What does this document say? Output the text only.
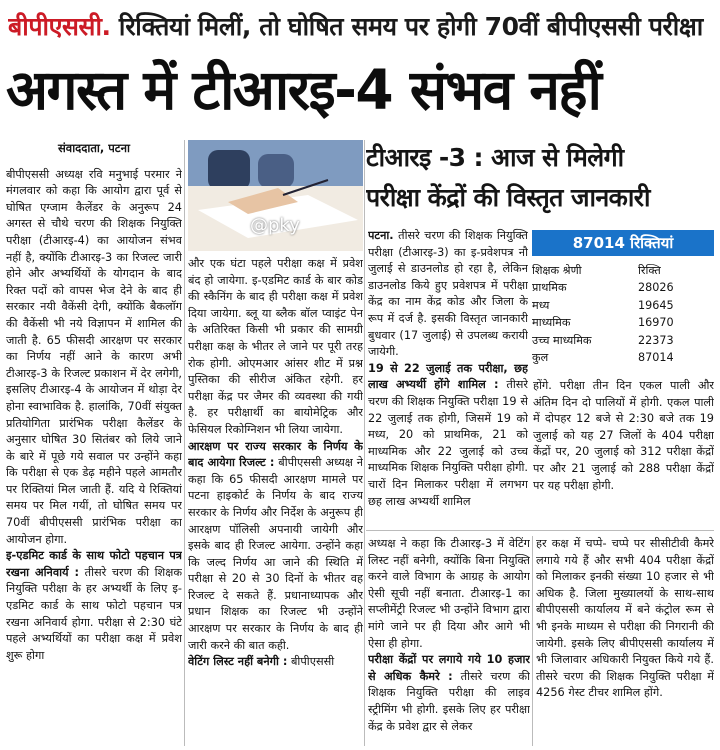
बीपीएससी. रिक्तियां मिलीं, तो घोषित समय पर होगी 70वीं बीपीएससी परीक्षा
अगस्त में टीआरइ-4 संभव नहीं
संवाददाता, पटना

बीपीएससी अध्यक्ष रवि मनुभाई परमार ने मंगलवार को कहा कि आयोग द्वारा पूर्व से घोषित एग्जाम कैलेंडर के अनुरूप 24 अगस्त से चौथे चरण की शिक्षक नियुक्ति परीक्षा (टीआरइ-4) का आयोजन संभव नहीं है, क्योंकि टीआरइ-3 का रिजल्ट जारी होने और अभ्यर्थियों के योगदान के बाद रिक्त पदों को वापस भेज देने के बाद ही सरकार नयी वैकेंसी देगी, क्योंकि बैकलॉग की वैकेंसी भी नये विज्ञापन में शामिल की जाती है. 65 फीसदी आरक्षण पर सरकार का निर्णय नहीं आने के कारण अभी टीआरइ-3 के रिजल्ट प्रकाशन में देर लगेगी, इसलिए टीआरइ-4 के आयोजन में थोड़ा देर होना स्वाभाविक है. हालांकि, 70वीं संयुक्त प्रतियोगिता प्रारंभिक परीक्षा कैलेंडर के अनुसार घोषित 30 सितंबर को लिये जाने के बारे में पूछे गये सवाल पर उन्होंने कहा कि परीक्षा से एक डेढ़ महीने पहले आमतौर पर रिक्तियां मिल जाती हैं. यदि ये रिक्तियां समय पर मिल गयीं, तो घोषित समय पर 70वीं बीपीएससी प्रारंभिक परीक्षा का आयोजन होगा.

इ-एडमिट कार्ड के साथ फोटो पहचान पत्र रखना अनिवार्य : तीसरे चरण की शिक्षक नियुक्ति परीक्षा के हर अभ्यर्थी के लिए इ-एडमिट कार्ड के साथ फोटो पहचान पत्र रखना अनिवार्य होगा. परीक्षा से 2:30 घंटे पहले अभ्यर्थियों का परीक्षा कक्ष में प्रवेश शुरू होगा

@pky

और एक घंटा पहले परीक्षा कक्ष में प्रवेश बंद हो जायेगा. इ-एडमिट कार्ड के बार कोड की स्कैनिंग के बाद ही परीक्षा कक्ष में प्रवेश दिया जायेगा. ब्लू या ब्लैक बॉल प्वाइंट पेन के अतिरिक्त किसी भी प्रकार की सामग्री परीक्षा कक्ष के भीतर ले जाने पर पूरी तरह रोक होगी. ओएमआर आंसर शीट में प्रश्न पुस्तिका की सीरीज अंकित रहेगी. हर परीक्षा केंद्र पर जैमर की व्यवस्था की गयी है. हर परीक्षार्थी का बायोमेट्रिक और फेसियल रिकोग्निशन भी लिया जायेगा.

आरक्षण पर राज्य सरकार के निर्णय के बाद आयेगा रिजल्ट : बीपीएससी अध्यक्ष ने कहा कि 65 फीसदी आरक्षण मामले पर पटना हाइकोर्ट के निर्णय के बाद राज्य सरकार के निर्णय और निर्देश के अनुरूप ही आरक्षण पॉलिसी अपनायी जायेगी और इसके बाद ही रिजल्ट आयेगा. उन्होंने कहा कि जल्द निर्णय आ जाने की स्थिति में परीक्षा से 20 से 30 दिनों के भीतर वह रिजल्ट दे सकते हैं. प्रधानाध्यापक और प्रधान शिक्षक का रिजल्ट भी उन्होंने आरक्षण पर सरकार के निर्णय के बाद ही जारी करने की बात कही.

वेटिंग लिस्ट नहीं बनेगी : बीपीएससी

टीआरइ -3 : आज से मिलेगी
परीक्षा केंद्रों की विस्तृत जानकारी

पटना. तीसरे चरण की शिक्षक नियुक्ति परीक्षा (टीआरइ-3) का इ-प्रवेशपत्र नौ जुलाई से डाउनलोड हो रहा है, लेकिन डाउनलोड किये हुए प्रवेशपत्र में परीक्षा केंद्र का नाम केंद्र कोड और जिला के रूप में दर्ज है. इसकी विस्तृत जानकारी बुधवार (17 जुलाई) से उपलब्ध करायी जायेगी.

19 से 22 जुलाई तक परीक्षा, छह लाख अभ्यर्थी होंगे शामिल : तीसरे चरण की शिक्षक नियुक्ति परीक्षा 19 से 22 जुलाई तक होगी, जिसमें 19 को मध्य, 20 को प्राथमिक, 21 को माध्यमिक और 22 जुलाई को उच्च माध्यमिक शिक्षक नियुक्ति परीक्षा होगी. चारों दिन मिलाकर परीक्षा में लगभग छह लाख अभ्यर्थी शामिल

87014 रिक्तियां
शिक्षक श्रेणी	रिक्ति
प्राथमिक	28026
मध्य	19645
माध्यमिक	16970
उच्च माध्यमिक	22373
कुल	87014

होंगे. परीक्षा तीन दिन एकल पाली और अंतिम दिन दो पालियों में होगी. एकल पाली में दोपहर 12 बजे से 2:30 बजे तक 19 जुलाई को यह 27 जिलों के 404 परीक्षा केंद्रों पर, 20 जुलाई को 312 परीक्षा केंद्रों पर और 21 जुलाई को 288 परीक्षा केंद्रों पर यह परीक्षा होगी.

अध्यक्ष ने कहा कि टीआरइ-3 में वेटिंग लिस्ट नहीं बनेगी, क्योंकि बिना नियुक्ति करने वाले विभाग के आग्रह के आयोग ऐसी सूची नहीं बनाता. टीआरइ-1 का सप्लीमेंट्री रिजल्ट भी उन्होंने विभाग द्वारा मांगे जाने पर ही दिया और आगे भी ऐसा ही होगा.

परीक्षा केंद्रों पर लगाये गये 10 हजार से अधिक कैमरे : तीसरे चरण की शिक्षक नियुक्ति परीक्षा की लाइव स्ट्रीमिंग भी होगी. इसके लिए हर परीक्षा केंद्र के प्रवेश द्वार से लेकर

हर कक्ष में चप्पे- चप्पे पर सीसीटीवी कैमरे लगाये गये हैं और सभी 404 परीक्षा केंद्रों को मिलाकर इनकी संख्या 10 हजार से भी अधिक है. जिला मुख्यालयों के साथ-साथ बीपीएससी कार्यालय में बने कंट्रोल रूम से भी इनके माध्यम से परीक्षा की निगरानी की जायेगी. इसके लिए बीपीएससी कार्यालय में भी जिलावार अधिकारी नियुक्त किये गये हैं. तीसरे चरण की शिक्षक नियुक्ति परीक्षा में 4256 गेस्ट टीचर शामिल होंगे.
